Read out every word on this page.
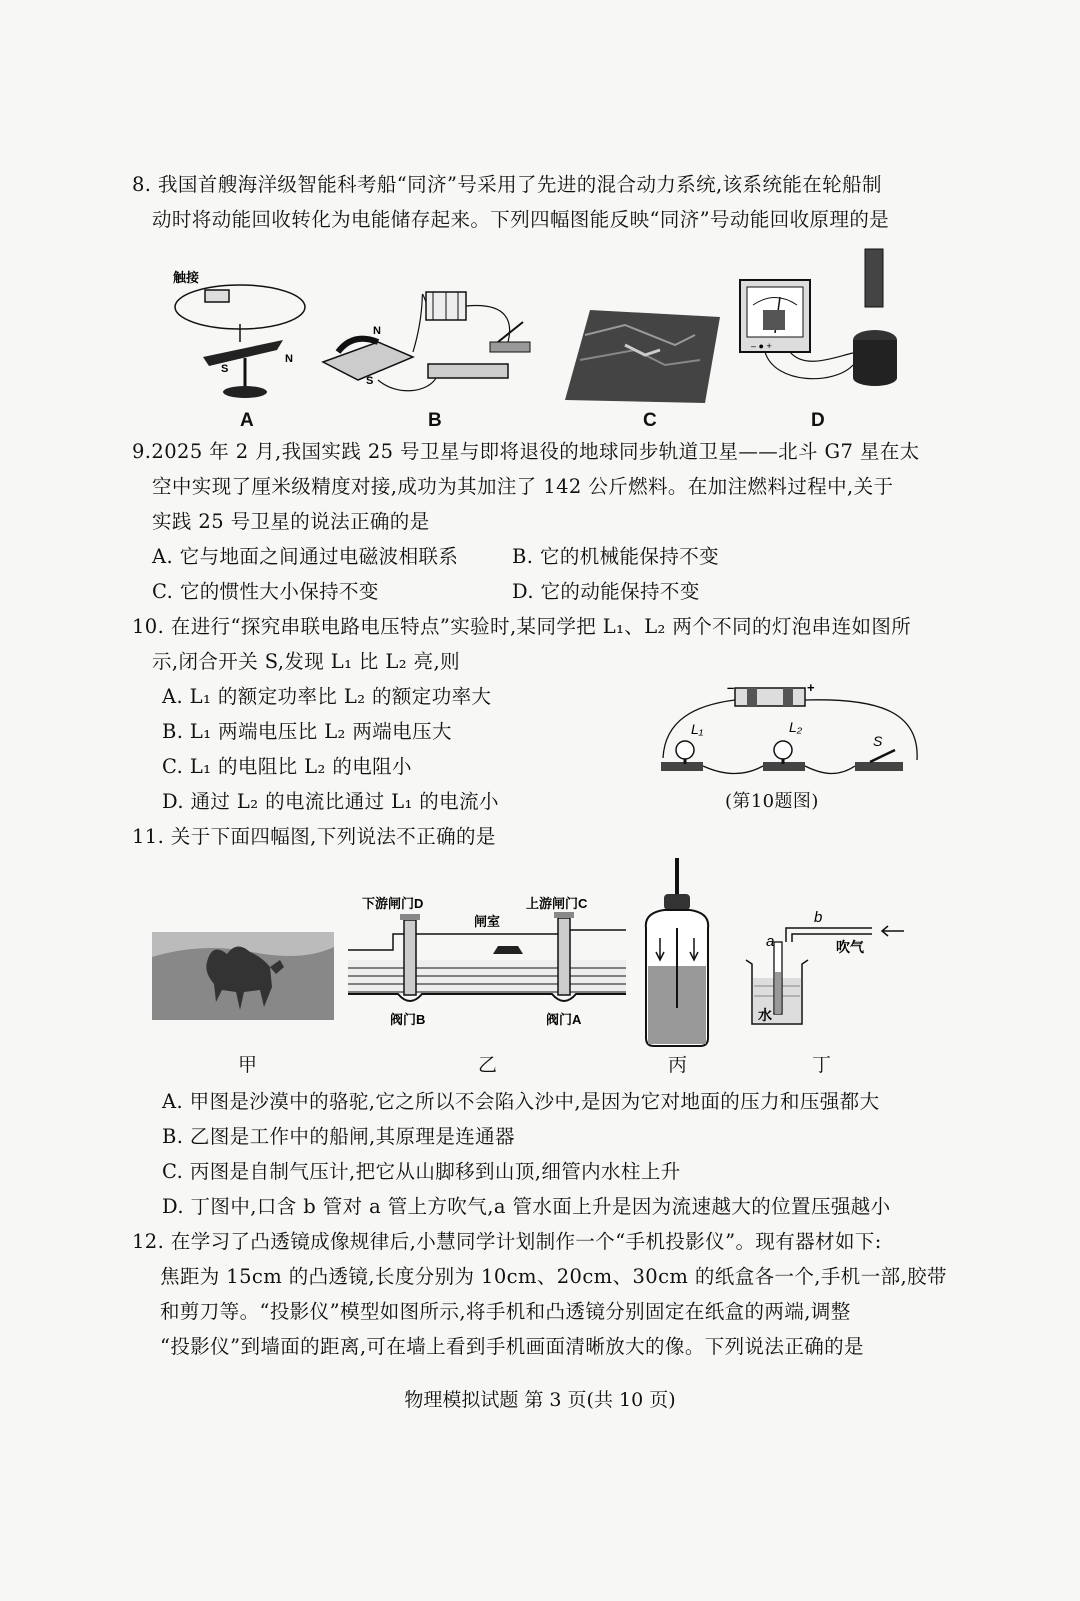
8. 我国首艘海洋级智能科考船“同济”号采用了先进的混合动力系统,该系统能在轮船制
动时将动能回收转化为电能储存起来。下列四幅图能反映“同济”号动能回收原理的是
触接
S
N
N
S
– ● +
A	B	C	D
9.2025 年 2 月,我国实践 25 号卫星与即将退役的地球同步轨道卫星——北斗 G7 星在太
空中实现了厘米级精度对接,成功为其加注了 142 公斤燃料。在加注燃料过程中,关于
实践 25 号卫星的说法正确的是
A. 它与地面之间通过电磁波相联系	B. 它的机械能保持不变
C. 它的惯性大小保持不变	D. 它的动能保持不变
10. 在进行“探究串联电路电压特点”实验时,某同学把 L₁、L₂ 两个不同的灯泡串连如图所
示,闭合开关 S,发现 L₁ 比 L₂ 亮,则
A. L₁ 的额定功率比 L₂ 的额定功率大
B. L₁ 两端电压比 L₂ 两端电压大
C. L₁ 的电阻比 L₂ 的电阻小
D. 通过 L₂ 的电流比通过 L₁ 的电流小
–	+
L₁	L₂
S
(第10题图)
11. 关于下面四幅图,下列说法不正确的是
下游闸门D	上游闸门C
闸室
阀门B	阀门A
b
a	吹气
水
甲	乙	丙	丁
A. 甲图是沙漠中的骆驼,它之所以不会陷入沙中,是因为它对地面的压力和压强都大
B. 乙图是工作中的船闸,其原理是连通器
C. 丙图是自制气压计,把它从山脚移到山顶,细管内水柱上升
D. 丁图中,口含 b 管对 a 管上方吹气,a 管水面上升是因为流速越大的位置压强越小
12. 在学习了凸透镜成像规律后,小慧同学计划制作一个“手机投影仪”。现有器材如下:
焦距为 15cm 的凸透镜,长度分别为 10cm、20cm、30cm 的纸盒各一个,手机一部,胶带
和剪刀等。“投影仪”模型如图所示,将手机和凸透镜分别固定在纸盒的两端,调整
“投影仪”到墙面的距离,可在墙上看到手机画面清晰放大的像。下列说法正确的是
物理模拟试题 第 3 页(共 10 页)
